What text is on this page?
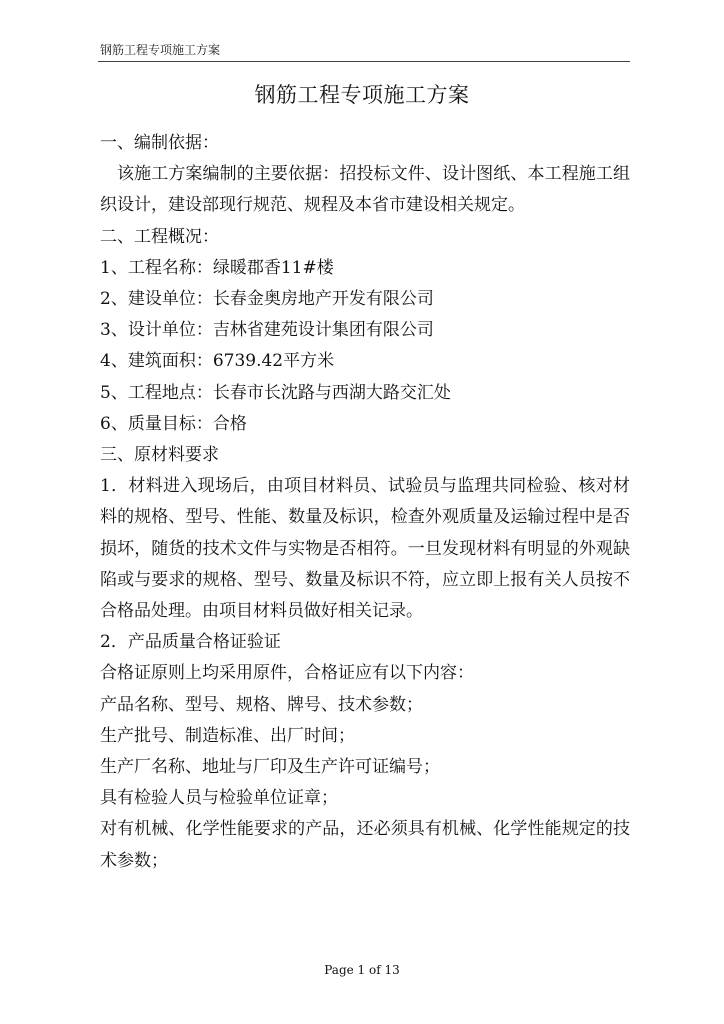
钢筋工程专项施工方案
钢筋工程专项施工方案

一、编制依据：

该施工方案编制的主要依据：招投标文件、设计图纸、本工程施工组织设计，建设部现行规范、规程及本省市建设相关规定。

二、工程概况：

1、工程名称：绿暖郡香11#楼

2、建设单位：长春金奥房地产开发有限公司

3、设计单位：吉林省建苑设计集团有限公司

4、建筑面积：6739.42平方米

5、工程地点：长春市长沈路与西湖大路交汇处

6、质量目标：合格

三、原材料要求

1．材料进入现场后，由项目材料员、试验员与监理共同检验、核对材料的规格、型号、性能、数量及标识，检查外观质量及运输过程中是否损坏，随货的技术文件与实物是否相符。一旦发现材料有明显的外观缺陷或与要求的规格、型号、数量及标识不符，应立即上报有关人员按不合格品处理。由项目材料员做好相关记录。

2．产品质量合格证验证

合格证原则上均采用原件，合格证应有以下内容：

产品名称、型号、规格、牌号、技术参数；

生产批号、制造标准、出厂时间；

生产厂名称、地址与厂印及生产许可证编号；

具有检验人员与检验单位证章；

对有机械、化学性能要求的产品，还必须具有机械、化学性能规定的技术参数；

Page 1 of 13
